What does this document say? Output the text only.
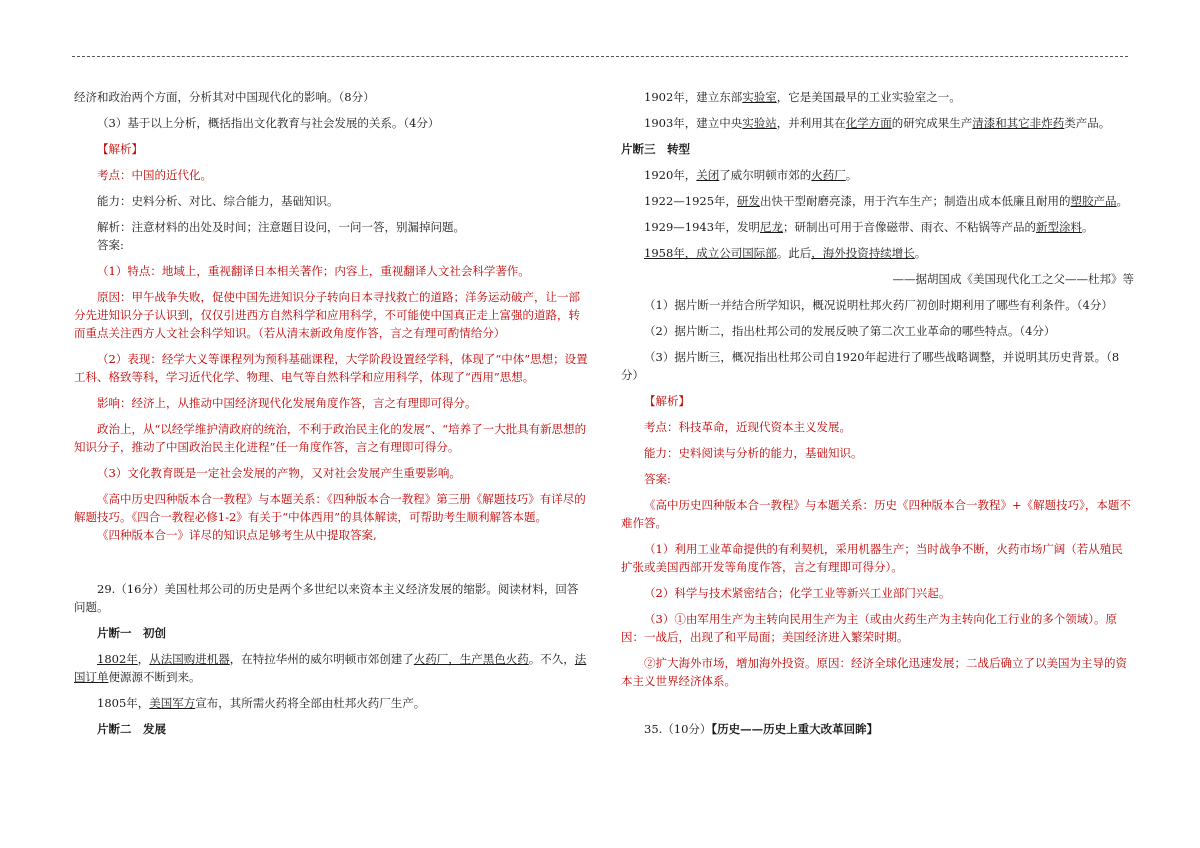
经济和政治两个方面，分析其对中国现代化的影响。（8分）

（3）基于以上分析，概括指出文化教育与社会发展的关系。（4分）

【解析】

考点：中国的近代化。

能力：史料分析、对比、综合能力，基础知识。

解析：注意材料的出处及时间；注意题目设问，一问一答，别漏掉问题。

答案:

（1）特点：地域上，重视翻译日本相关著作；内容上，重视翻译人文社会科学著作。

原因：甲午战争失败，促使中国先进知识分子转向日本寻找救亡的道路；洋务运动破产，让一部分先进知识分子认识到，仅仅引进西方自然科学和应用科学，不可能使中国真正走上富强的道路，转而重点关注西方人文社会科学知识。（若从清末新政角度作答，言之有理可酌情给分）

（2）表现：经学大义等课程列为预科基础课程，大学阶段设置经学科，体现了“中体”思想；设置工科、格致等科，学习近代化学、物理、电气等自然科学和应用科学，体现了“西用”思想。

影响：经济上，从推动中国经济现代化发展角度作答，言之有理即可得分。

政治上，从“以经学维护清政府的统治，不利于政治民主化的发展”、“培养了一大批具有新思想的知识分子，推动了中国政治民主化进程”任一角度作答，言之有理即可得分。

（3）文化教育既是一定社会发展的产物，又对社会发展产生重要影响。

《高中历史四种版本合一教程》与本题关系：《四种版本合一教程》第三册《解题技巧》有详尽的解题技巧。《四合一教程必修1-2》有关于“中体西用”的具体解读，可帮助考生顺利解答本题。

《四种版本合一》详尽的知识点足够考生从中提取答案,

29.（16分）美国杜邦公司的历史是两个多世纪以来资本主义经济发展的缩影。阅读材料，回答问题。

片断一　初创

1802年，从法国购进机器，在特拉华州的威尔明顿市郊创建了火药厂，生产黑色火药。不久，法国订单便源源不断到来。

1805年，美国军方宣布，其所需火药将全部由杜邦火药厂生产。

片断二　发展

1902年，建立东部实验室，它是美国最早的工业实验室之一。

1903年，建立中央实验站，并利用其在化学方面的研究成果生产清漆和其它非炸药类产品。

片断三　转型

1920年，关闭了威尔明顿市郊的火药厂。

1922—1925年，研发出快干型耐磨亮漆，用于汽车生产；制造出成本低廉且耐用的塑胶产品。

1929—1943年，发明尼龙；研制出可用于音像磁带、雨衣、不粘锅等产品的新型涂料。

1958年，成立公司国际部。此后，海外投资持续增长。

——据胡国成《美国现代化工之父——杜邦》等

（1）据片断一并结合所学知识，概况说明杜邦火药厂初创时期利用了哪些有利条件。（4分）

（2）据片断二，指出杜邦公司的发展反映了第二次工业革命的哪些特点。（4分）

（3）据片断三，概况指出杜邦公司自1920年起进行了哪些战略调整，并说明其历史背景。（8分）

【解析】

考点：科技革命，近现代资本主义发展。

能力：史料阅读与分析的能力，基础知识。

答案:

《高中历史四种版本合一教程》与本题关系：历史《四种版本合一教程》+《解题技巧》，本题不难作答。

（1）利用工业革命提供的有利契机，采用机器生产；当时战争不断，火药市场广阔（若从殖民扩张或美国西部开发等角度作答，言之有理即可得分）。

（2）科学与技术紧密结合；化学工业等新兴工业部门兴起。

（3）①由军用生产为主转向民用生产为主（或由火药生产为主转向化工行业的多个领域）。原因：一战后，出现了和平局面；美国经济进入繁荣时期。

②扩大海外市场，增加海外投资。原因：经济全球化迅速发展；二战后确立了以美国为主导的资本主义世界经济体系。

35.（10分）【历史——历史上重大改革回眸】
